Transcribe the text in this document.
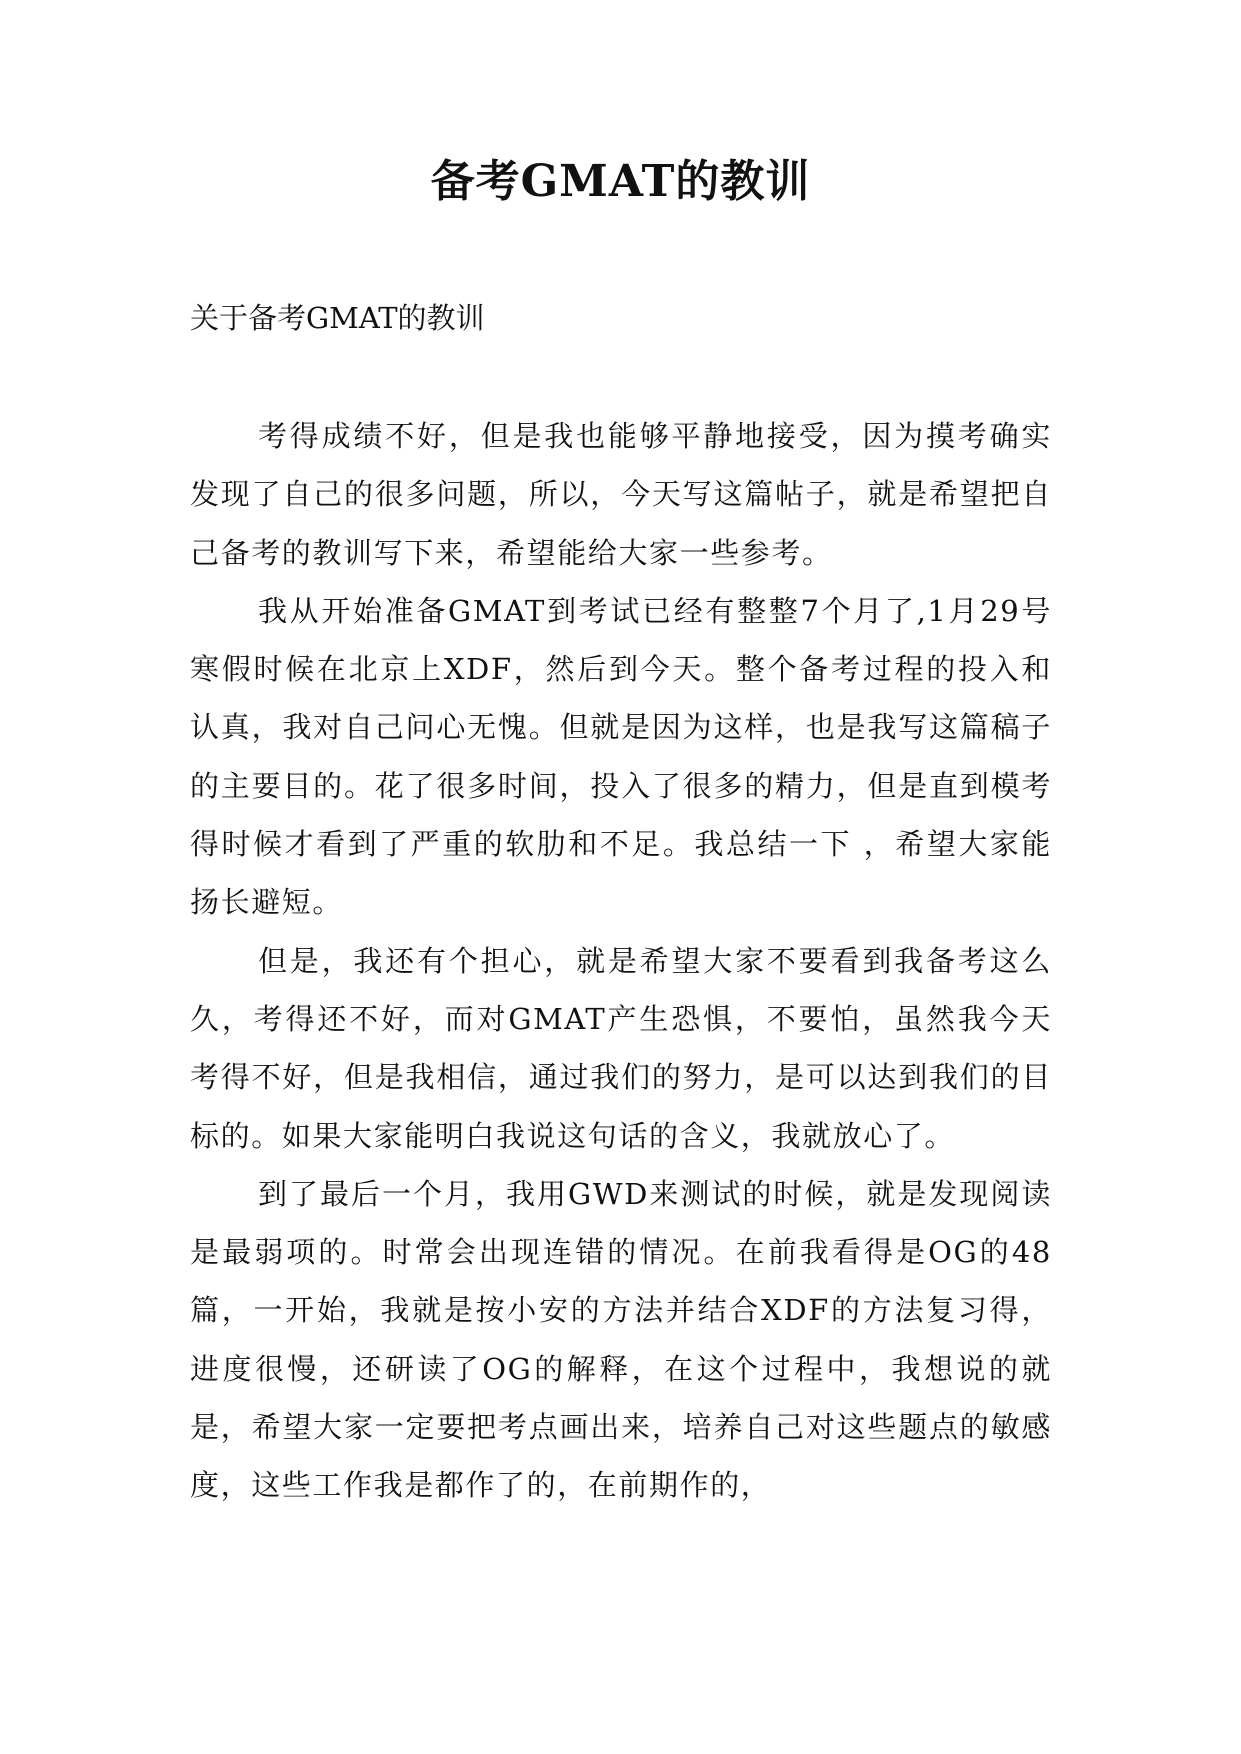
备考GMAT的教训

关于备考GMAT的教训

考得成绩不好，但是我也能够平静地接受，因为摸考确实发现了自己的很多问题，所以，今天写这篇帖子，就是希望把自己备考的教训写下来，希望能给大家一些参考。

我从开始准备GMAT到考试已经有整整7个月了,1月29号寒假时候在北京上XDF，然后到今天。整个备考过程的投入和认真，我对自己问心无愧。但就是因为这样，也是我写这篇稿子的主要目的。花了很多时间，投入了很多的精力，但是直到模考得时候才看到了严重的软肋和不足。我总结一下 ，希望大家能扬长避短。

但是，我还有个担心，就是希望大家不要看到我备考这么久，考得还不好，而对GMAT产生恐惧，不要怕，虽然我今天考得不好，但是我相信，通过我们的努力，是可以达到我们的目标的。如果大家能明白我说这句话的含义，我就放心了。

到了最后一个月，我用GWD来测试的时候，就是发现阅读是最弱项的。时常会出现连错的情况。在前我看得是OG的48篇，一开始，我就是按小安的方法并结合XDF的方法复习得，进度很慢，还研读了OG的解释，在这个过程中，我想说的就是，希望大家一定要把考点画出来，培养自己对这些题点的敏感度，这些工作我是都作了的，在前期作的，
